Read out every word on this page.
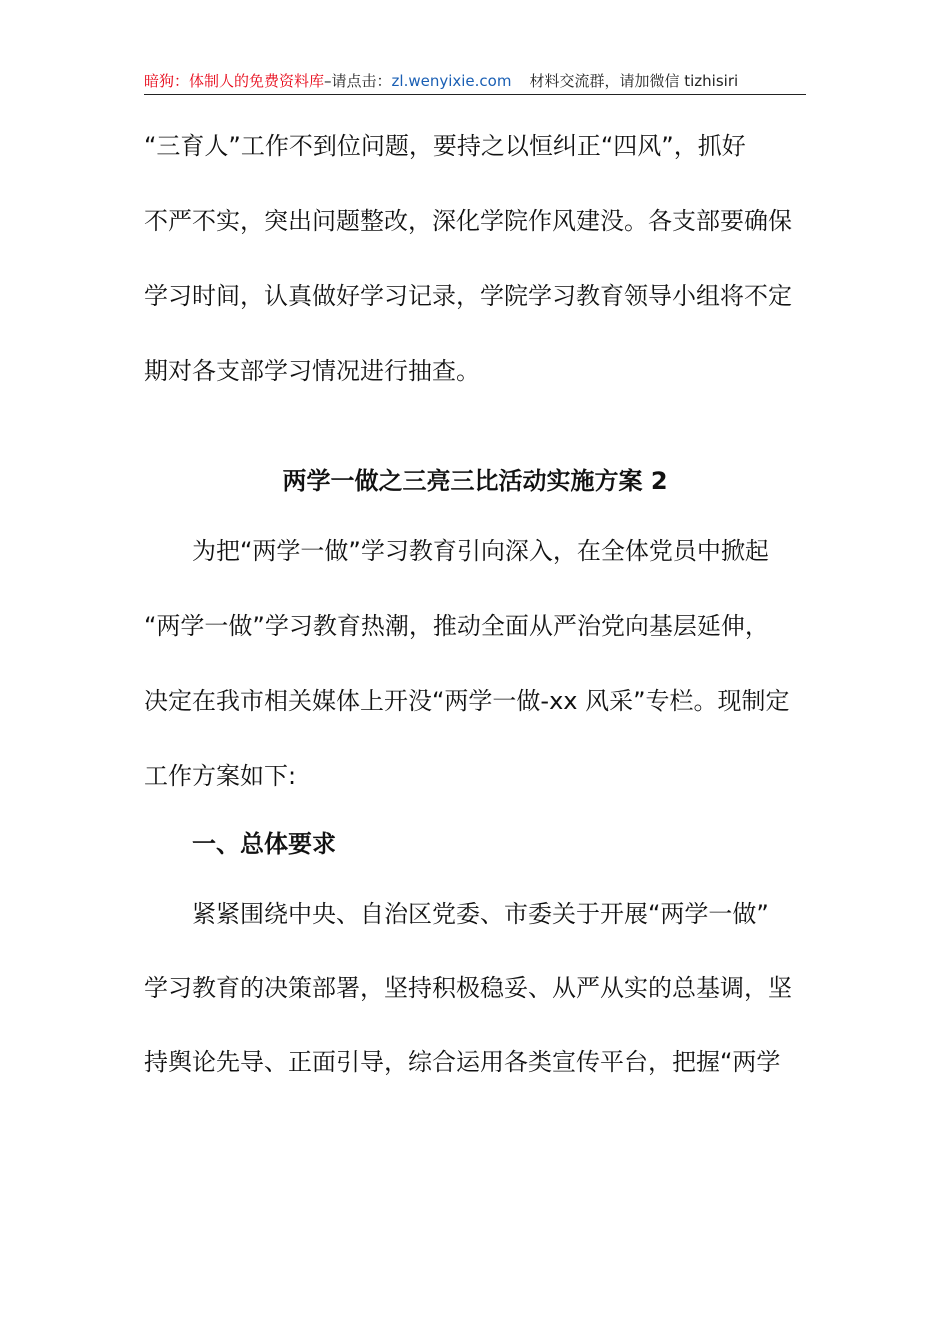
暗狗：体制人的免费资料库–请点击：zl.wenyixie.com 材料交流群，请加微信 tizhisiri
“三育人”工作不到位问题，要持之以恒纠正“四风”，抓好
不严不实，突出问题整改，深化学院作风建没。各支部要确保
学习时间，认真做好学习记录，学院学习教育领导小组将不定
期对各支部学习情况进行抽查。
两学一做之三亮三比活动实施方案 2
为把“两学一做”学习教育引向深入，在全体党员中掀起
“两学一做”学习教育热潮，推动全面从严治党向基层延伸，
决定在我市相关媒体上开没“两学一做-xx 风采”专栏。现制定
工作方案如下:
一、总体要求
紧紧围绕中央、自治区党委、市委关于开展“两学一做”
学习教育的决策部署，坚持积极稳妥、从严从实的总基调，坚
持舆论先导、正面引导，综合运用各类宣传平台，把握“两学
